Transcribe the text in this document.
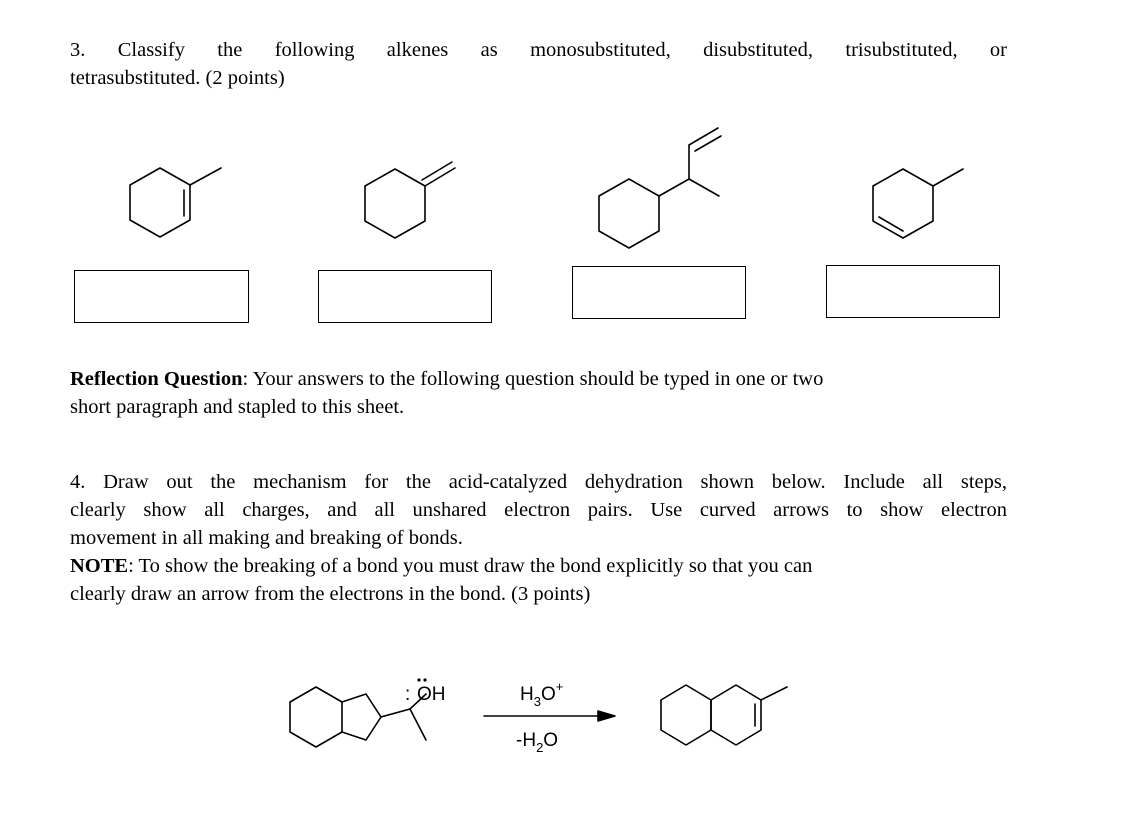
3. Classify the following alkenes as monosubstituted, disubstituted, trisubstituted, or
tetrasubstituted. (2 points)
Reflection Question: Your answers to the following question should be typed in one or two
short paragraph and stapled to this sheet.
4. Draw out the mechanism for the acid-catalyzed dehydration shown below. Include all steps,
clearly show all charges, and all unshared electron pairs. Use curved arrows to show electron
movement in all making and breaking of bonds.
NOTE: To show the breaking of a bond you must draw the bond explicitly so that you can
clearly draw an arrow from the electrons in the bond. (3 points)
: OH	$H_3O^+$
$-H_2O$
